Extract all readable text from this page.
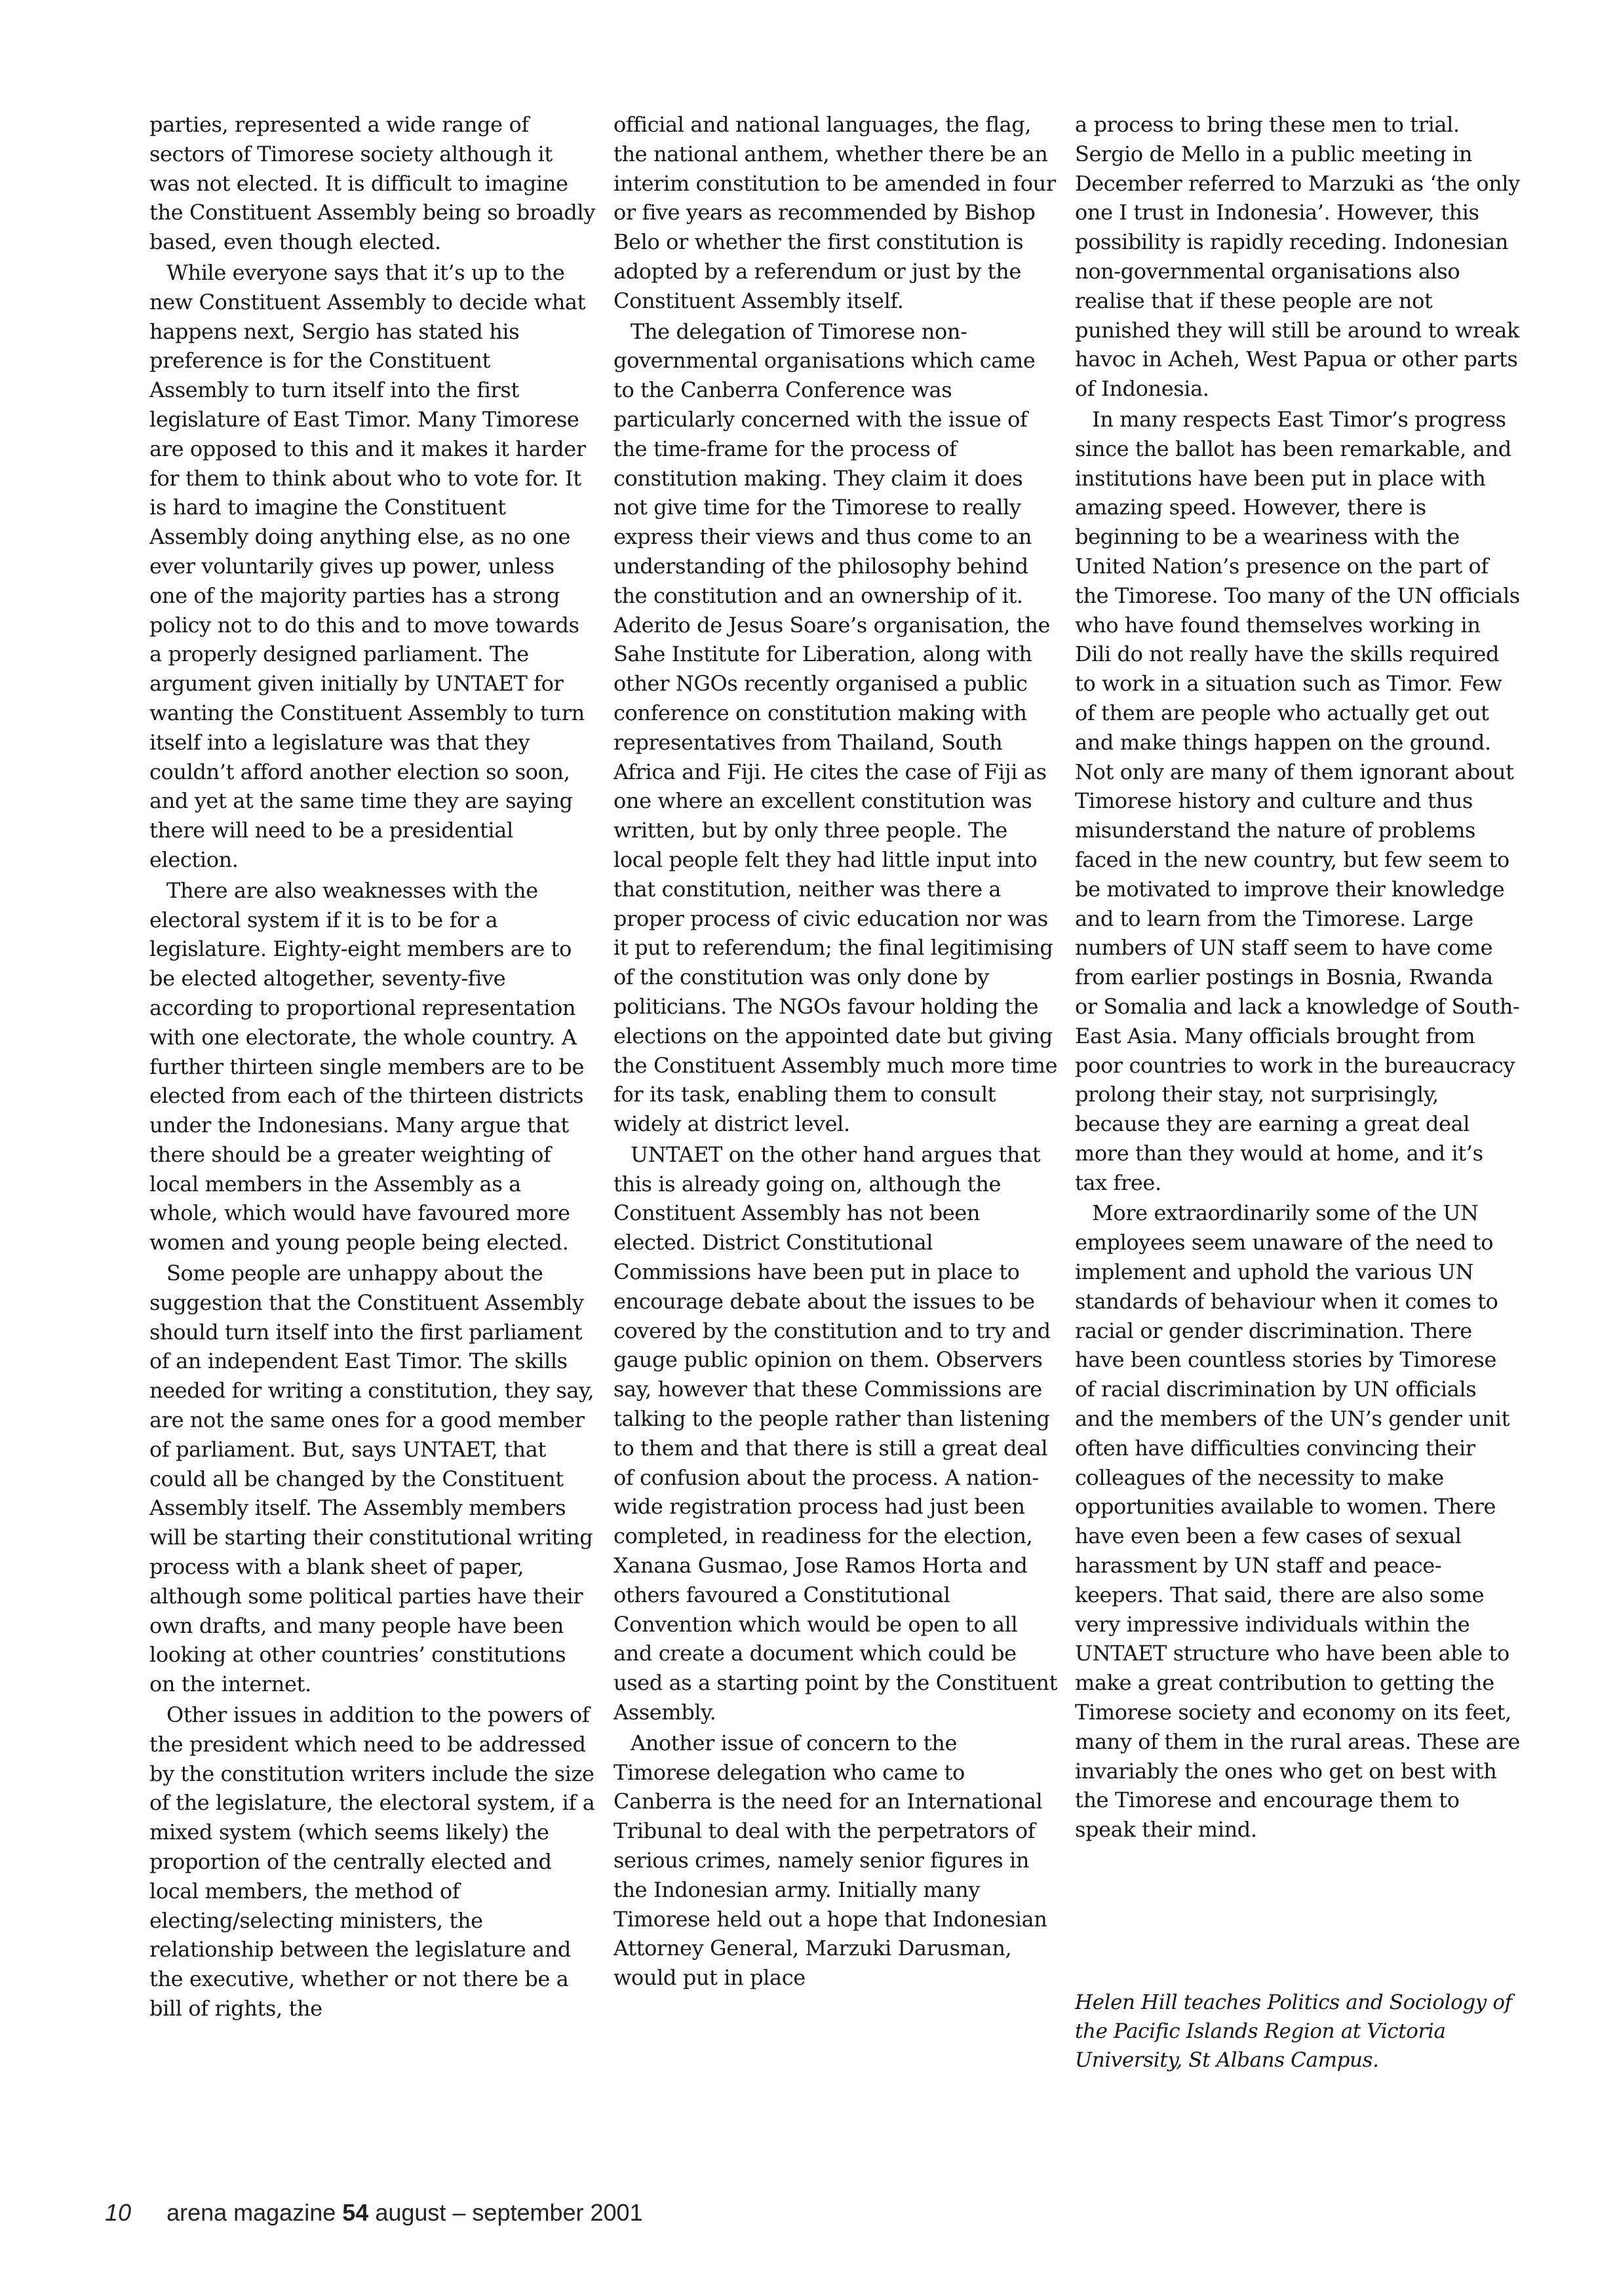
parties, represented a wide range of sectors of Timorese society although it was not elected. It is difficult to imagine the Constituent Assembly being so broadly based, even though elected.

While everyone says that it’s up to the new Constituent Assembly to decide what happens next, Sergio has stated his preference is for the Constituent Assembly to turn itself into the first legislature of East Timor. Many Timorese are opposed to this and it makes it harder for them to think about who to vote for. It is hard to imagine the Constituent Assembly doing anything else, as no one ever voluntarily gives up power, unless one of the majority parties has a strong policy not to do this and to move towards a properly designed parliament. The argument given initially by UNTAET for wanting the Constituent Assembly to turn itself into a legislature was that they couldn’t afford another election so soon, and yet at the same time they are saying there will need to be a presidential election.

There are also weaknesses with the electoral system if it is to be for a legislature. Eighty-eight members are to be elected altogether, seventy-five according to proportional representation with one electorate, the whole country. A further thirteen single members are to be elected from each of the thirteen districts under the Indonesians. Many argue that there should be a greater weighting of local members in the Assembly as a whole, which would have favoured more women and young people being elected.

Some people are unhappy about the suggestion that the Constituent Assembly should turn itself into the first parliament of an independent East Timor. The skills needed for writing a constitution, they say, are not the same ones for a good member of parliament. But, says UNTAET, that could all be changed by the Constituent Assembly itself. The Assembly members will be starting their constitutional writing process with a blank sheet of paper, although some political parties have their own drafts, and many people have been looking at other countries’ constitutions on the internet.

Other issues in addition to the powers of the president which need to be addressed by the constitution writers include the size of the legislature, the electoral system, if a mixed system (which seems likely) the proportion of the centrally elected and local members, the method of electing/selecting ministers, the relationship between the legislature and the executive, whether or not there be a bill of rights, the

official and national languages, the flag, the national anthem, whether there be an interim constitution to be amended in four or five years as recommended by Bishop Belo or whether the first constitution is adopted by a referendum or just by the Constituent Assembly itself.

The delegation of Timorese non-governmental organisations which came to the Canberra Conference was particularly concerned with the issue of the time-frame for the process of constitution making. They claim it does not give time for the Timorese to really express their views and thus come to an understanding of the philosophy behind the constitution and an ownership of it. Aderito de Jesus Soare’s organisation, the Sahe Institute for Liberation, along with other NGOs recently organised a public conference on constitution making with representatives from Thailand, South Africa and Fiji. He cites the case of Fiji as one where an excellent constitution was written, but by only three people. The local people felt they had little input into that constitution, neither was there a proper process of civic education nor was it put to referendum; the final legitimising of the constitution was only done by politicians. The NGOs favour holding the elections on the appointed date but giving the Constituent Assembly much more time for its task, enabling them to consult widely at district level.

UNTAET on the other hand argues that this is already going on, although the Constituent Assembly has not been elected. District Constitutional Commissions have been put in place to encourage debate about the issues to be covered by the constitution and to try and gauge public opinion on them. Observers say, however that these Commissions are talking to the people rather than listening to them and that there is still a great deal of confusion about the process. A nation-wide registration process had just been completed, in readiness for the election, Xanana Gusmao, Jose Ramos Horta and others favoured a Constitutional Convention which would be open to all and create a document which could be used as a starting point by the Constituent Assembly.

Another issue of concern to the Timorese delegation who came to Canberra is the need for an International Tribunal to deal with the perpetrators of serious crimes, namely senior figures in the Indonesian army. Initially many Timorese held out a hope that Indonesian Attorney General, Marzuki Darusman, would put in place

a process to bring these men to trial. Sergio de Mello in a public meeting in December referred to Marzuki as ‘the only one I trust in Indonesia’. However, this possibility is rapidly receding. Indonesian non-governmental organisations also realise that if these people are not punished they will still be around to wreak havoc in Acheh, West Papua or other parts of Indonesia.

In many respects East Timor’s progress since the ballot has been remarkable, and institutions have been put in place with amazing speed. However, there is beginning to be a weariness with the United Nation’s presence on the part of the Timorese. Too many of the UN officials who have found themselves working in Dili do not really have the skills required to work in a situation such as Timor. Few of them are people who actually get out and make things happen on the ground. Not only are many of them ignorant about Timorese history and culture and thus misunderstand the nature of problems faced in the new country, but few seem to be motivated to improve their knowledge and to learn from the Timorese. Large numbers of UN staff seem to have come from earlier postings in Bosnia, Rwanda or Somalia and lack a knowledge of South-East Asia. Many officials brought from poor countries to work in the bureaucracy prolong their stay, not surprisingly, because they are earning a great deal more than they would at home, and it’s tax free.

More extraordinarily some of the UN employees seem unaware of the need to implement and uphold the various UN standards of behaviour when it comes to racial or gender discrimination. There have been countless stories by Timorese of racial discrimination by UN officials and the members of the UN’s gender unit often have difficulties convincing their colleagues of the necessity to make opportunities available to women. There have even been a few cases of sexual harassment by UN staff and peace-keepers. That said, there are also some very impressive individuals within the UNTAET structure who have been able to make a great contribution to getting the Timorese society and economy on its feet, many of them in the rural areas. These are invariably the ones who get on best with the Timorese and encourage them to speak their mind.

Helen Hill teaches Politics and Sociology of the Pacific Islands Region at Victoria University, St Albans Campus.
10 arena magazine 54 august – september 2001
